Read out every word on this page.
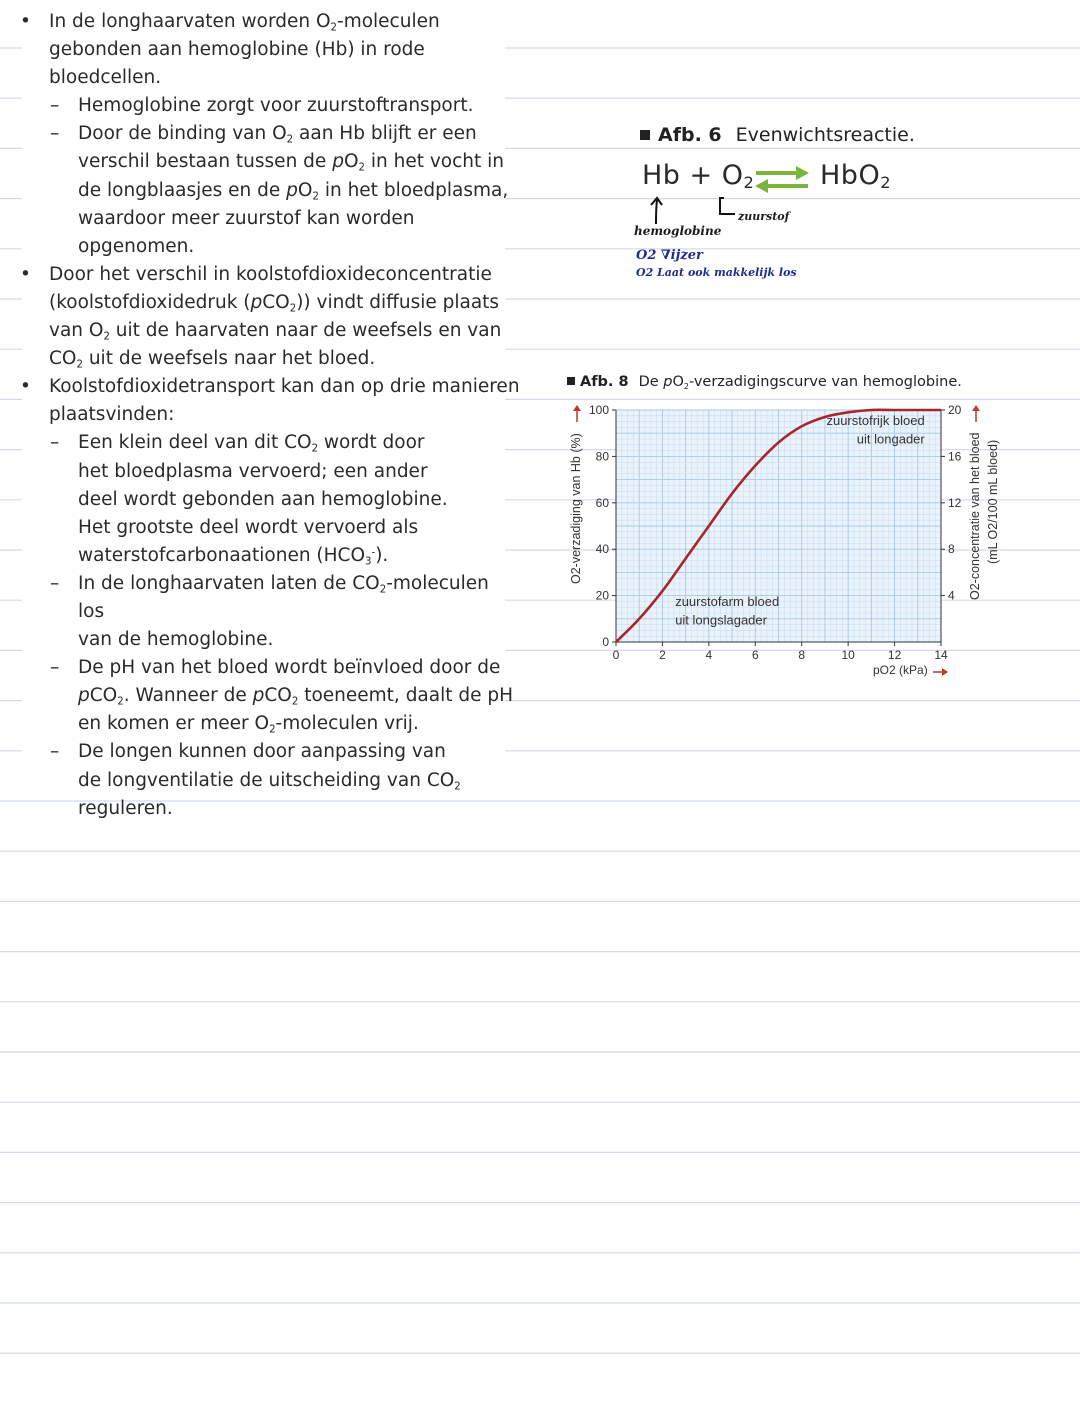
• In de longhaarvaten worden $O_2$-moleculen
gebonden aan hemoglobine (Hb) in rode
bloedcellen.
– Hemoglobine zorgt voor zuurstoftransport.
– Door de binding van $O_2$ aan Hb blijft er een
verschil bestaan tussen de $pO_2$ in het vocht in
de longblaasjes en de $pO_2$ in het bloedplasma,
waardoor meer zuurstof kan worden
opgenomen.
• Door het verschil in koolstofdioxideconcentratie
(koolstofdioxidedruk (pCO$_2$)) vindt diffusie plaats
van $O_2$ uit de haarvaten naar de weefsels en van
$CO_2$ uit de weefsels naar het bloed.
• Koolstofdioxidetransport kan dan op drie manieren
plaatsvinden:
– Een klein deel van dit $CO_2$ wordt door
het bloedplasma vervoerd; een ander
deel wordt gebonden aan hemoglobine.
Het grootste deel wordt vervoerd als
waterstofcarbonaationen $(HCO_3^-)$.
– In de longhaarvaten laten de $CO_2$-moleculen los
van de hemoglobine.
– De pH van het bloed wordt beïnvloed door de
pCO$_2$. Wanneer de pCO$_2$ toeneemt, daalt de pH
en komen er meer $O_2$-moleculen vrij.
– De longen kunnen door aanpassing van
de longventilatie de uitscheiding van $CO_2$
reguleren.
Afb. 6 Evenwichtsreactie.
$Hb + O_2$ HbO$_2$
hemoglobine
zuurstof
O2 ∇ijzer
O2 Laat ook makkelijk los
Afb. 8 De $pO_2$-verzadigingscurve van hemoglobine.
0	2	4	6	8	10	12	14
0
20
40
60
80
100
4
8
12
16
20
O2-verzadiging van Hb (%)	O2-concentratie van het bloed (mL O2/100 mL bloed)
pO2 (kPa)
zuurstofrijk bloed
uit longader
zuurstofarm bloed
uit longslagader
